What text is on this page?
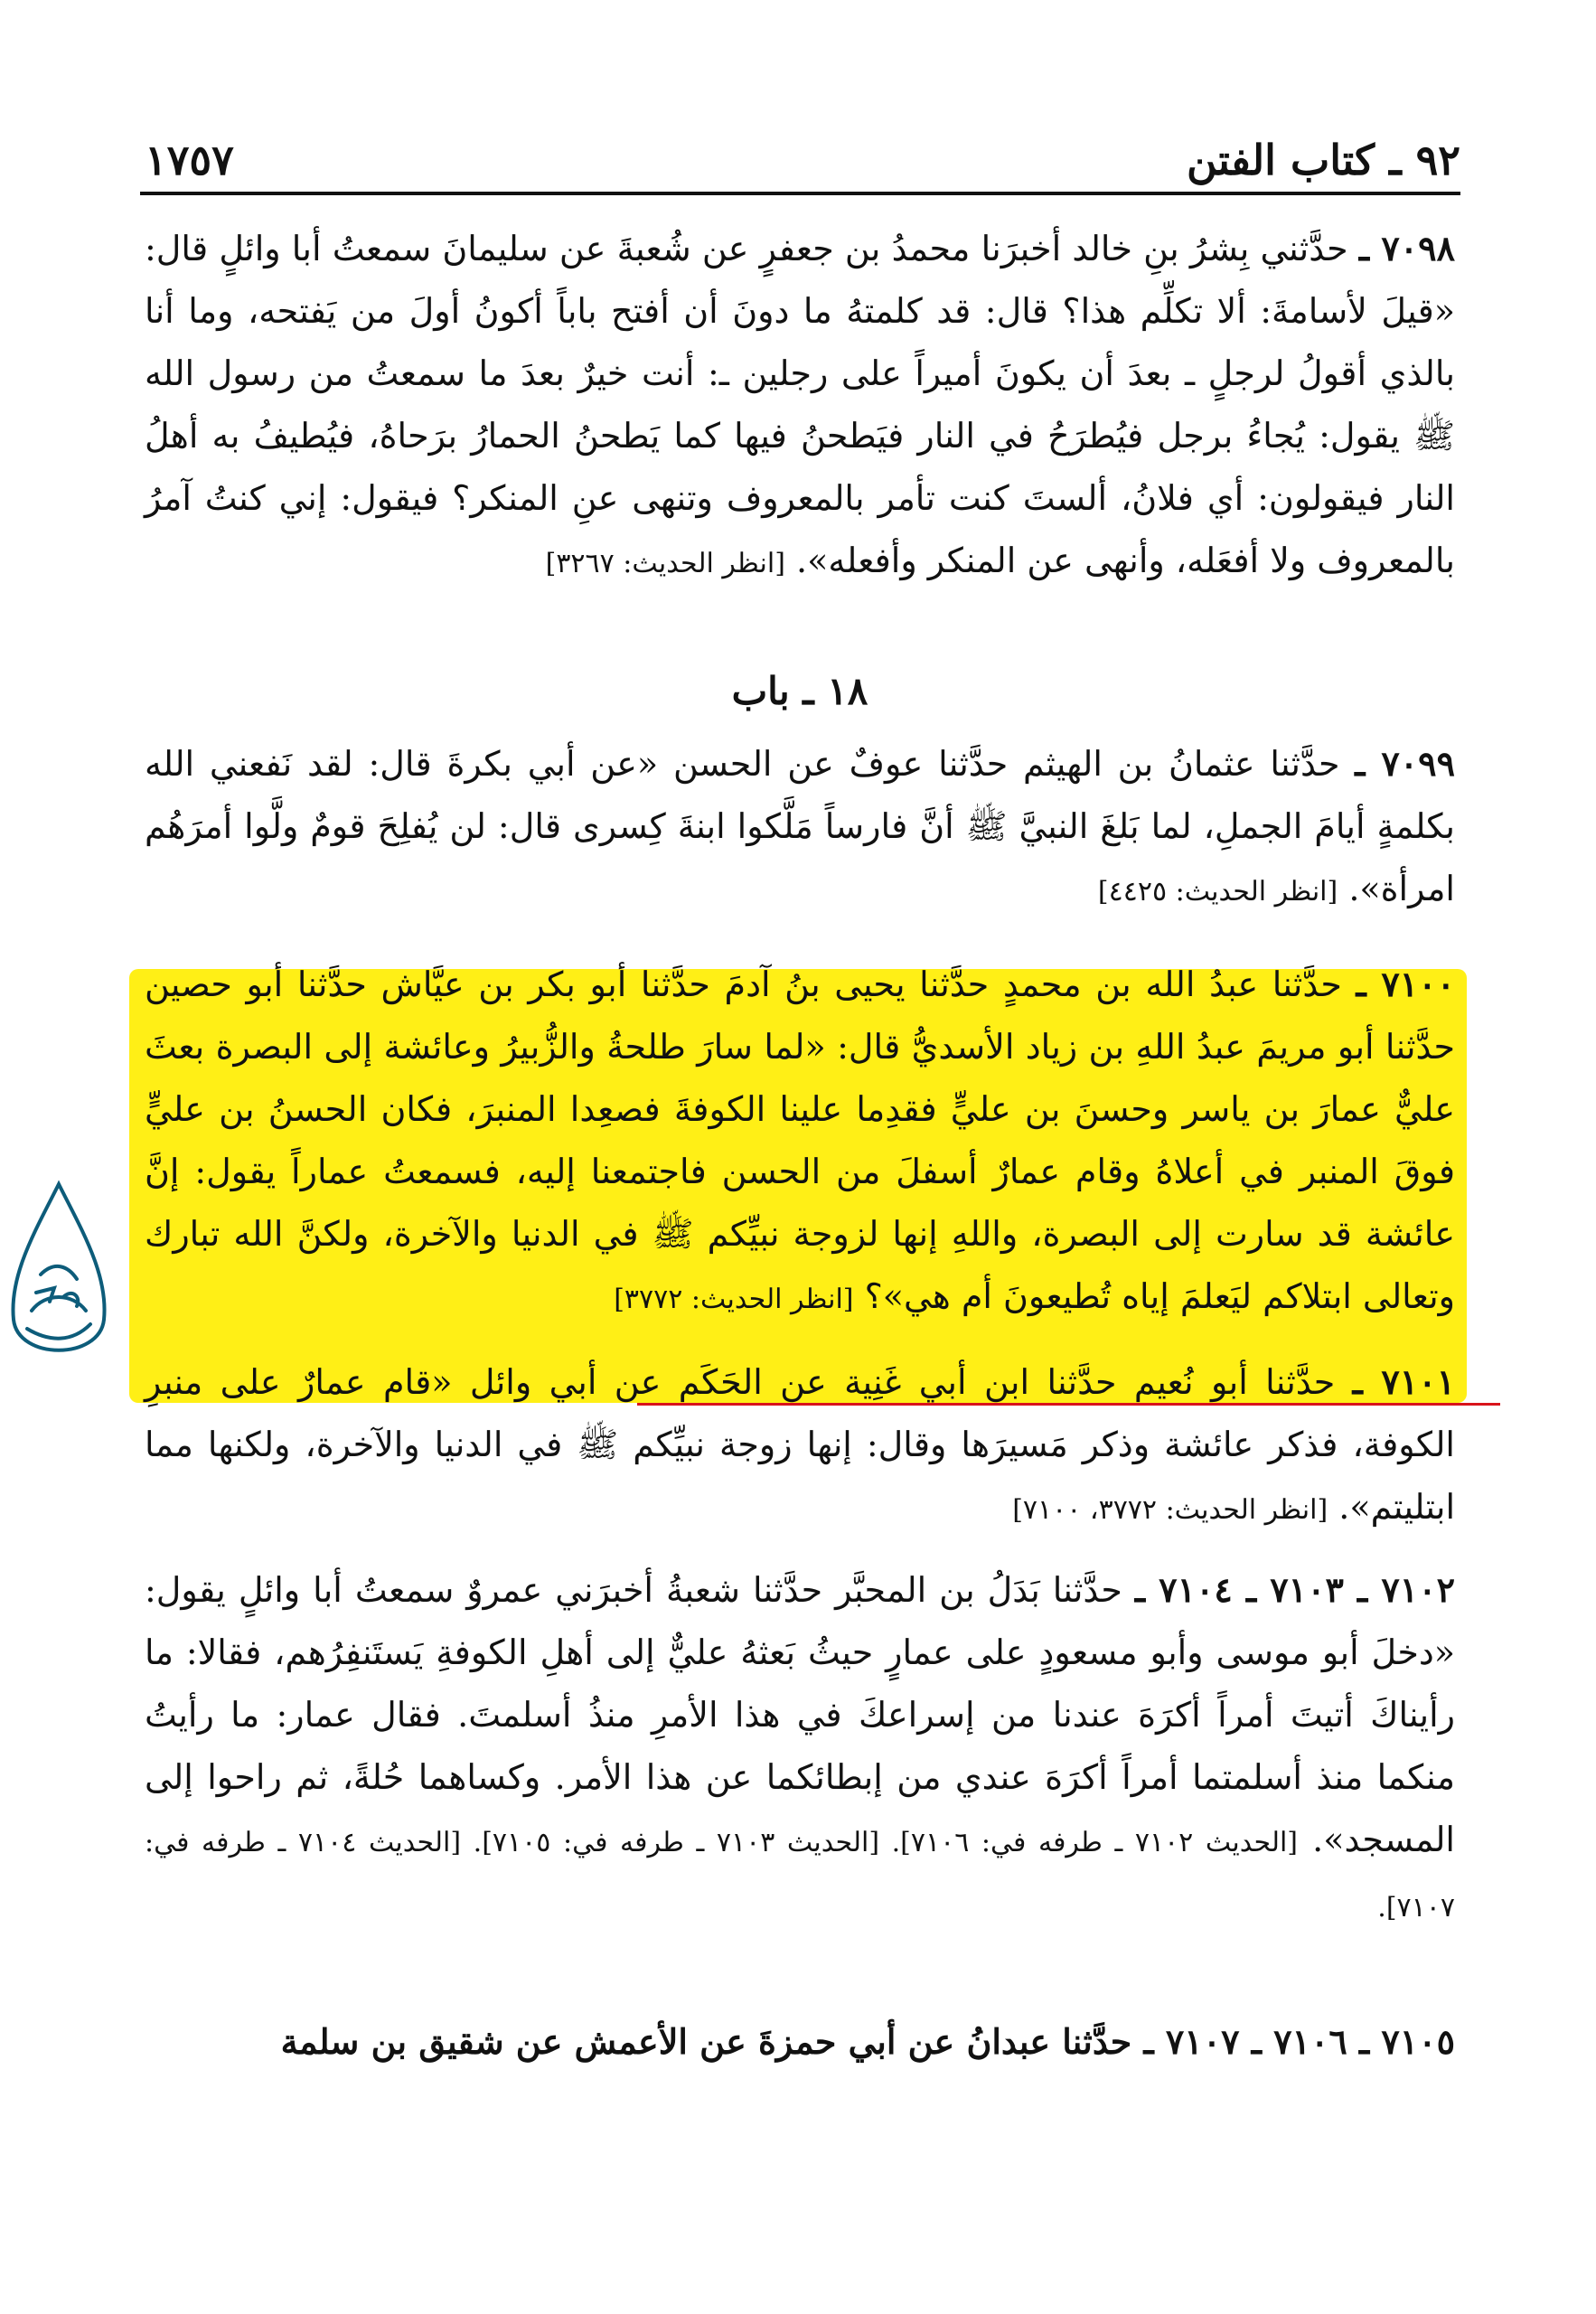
٩٢ ـ كتاب الفتن
١٧٥٧

٧٠٩٨ ـ حدَّثني بِشرُ بنِ خالد أخبرَنا محمدُ بن جعفرٍ عن شُعبةَ عن سليمانَ سمعتُ أبا وائلٍ قال: «قيلَ لأسامةَ: ألا تكلِّم هذا؟ قال: قد كلمتهُ ما دونَ أن أفتح باباً أكونُ أولَ من يَفتحه، وما أنا بالذي أقولُ لرجلٍ ـ بعدَ أن يكونَ أميراً على رجلين ـ: أنت خيرٌ بعدَ ما سمعتُ من رسول الله ﷺ يقول: يُجاءُ برجل فيُطرَحُ في النار فيَطحنُ فيها كما يَطحنُ الحمارُ برَحاهُ، فيُطيفُ به أهلُ النار فيقولون: أي فلانُ، ألستَ كنت تأمر بالمعروف وتنهى عنِ المنكر؟ فيقول: إني كنتُ آمرُ بالمعروف ولا أفعَله، وأنهى عن المنكر وأفعله». [انظر الحديث: ٣٢٦٧]

١٨ ـ باب

٧٠٩٩ ـ حدَّثنا عثمانُ بن الهيثم حدَّثنا عوفٌ عن الحسن «عن أبي بكرةَ قال: لقد نَفعني الله بكلمةٍ أيامَ الجملِ، لما بَلغَ النبيَّ ﷺ أنَّ فارساً مَلَّكوا ابنةَ كِسرى قال: لن يُفلِحَ قومٌ ولَّوا أمرَهُم امرأة». [انظر الحديث: ٤٤٢٥]

٧١٠٠ ـ حدَّثنا عبدُ الله بن محمدٍ حدَّثنا يحيى بنُ آدمَ حدَّثنا أبو بكر بن عيَّاش حدَّثنا أبو حصين حدَّثنا أبو مريمَ عبدُ اللهِ بن زياد الأسديُّ قال: «لما سارَ طلحةُ والزُّبيرُ وعائشة إلى البصرة بعثَ عليٌّ عمارَ بن ياسر وحسنَ بن عليٍّ فقدِما علينا الكوفةَ فصعِدا المنبرَ، فكان الحسنُ بن عليٍّ فوقَ المنبر في أعلاهُ وقام عمارٌ أسفلَ من الحسن فاجتمعنا إليه، فسمعتُ عماراً يقول: إنَّ عائشة قد سارت إلى البصرة، واللهِ إنها لزوجة نبيِّكم ﷺ في الدنيا والآخرة، ولكنَّ الله تبارك وتعالى ابتلاكم ليَعلمَ إياه تُطيعونَ أم هي»؟ [انظر الحديث: ٣٧٧٢]

٧١٠١ ـ حدَّثنا أبو نُعيم حدَّثنا ابن أبي غَنِية عن الحَكَم عن أبي وائل «قام عمارٌ على منبرِ الكوفة، فذكر عائشة وذكر مَسيرَها وقال: إنها زوجة نبيِّكم ﷺ في الدنيا والآخرة، ولكنها مما ابتليتم». [انظر الحديث: ٣٧٧٢، ٧١٠٠]

٧١٠٢ ـ ٧١٠٣ ـ ٧١٠٤ ـ حدَّثنا بَدَلُ بن المحبَّر حدَّثنا شعبةُ أخبرَني عمروٌ سمعتُ أبا وائلٍ يقول: «دخلَ أبو موسى وأبو مسعودٍ على عمارٍ حيثُ بَعثهُ عليٌّ إلى أهلِ الكوفةِ يَستَنفِرُهم، فقالا: ما رأيناكَ أتيتَ أمراً أكرَهَ عندنا من إسراعكَ في هذا الأمرِ منذُ أسلمتَ. فقال عمار: ما رأيتُ منكما منذ أسلمتما أمراً أكرَهَ عندي من إبطائكما عن هذا الأمر. وكساهما حُلةً، ثم راحوا إلى المسجد». [الحديث ٧١٠٢ ـ طرفه في: ٧١٠٦]. [الحديث ٧١٠٣ ـ طرفه في: ٧١٠٥]. [الحديث ٧١٠٤ ـ طرفه في: ٧١٠٧].

٧١٠٥ ـ ٧١٠٦ ـ ٧١٠٧ ـ حدَّثنا عبدانُ عن أبي حمزةَ عن الأعمش عن شقيق بن سلمة
